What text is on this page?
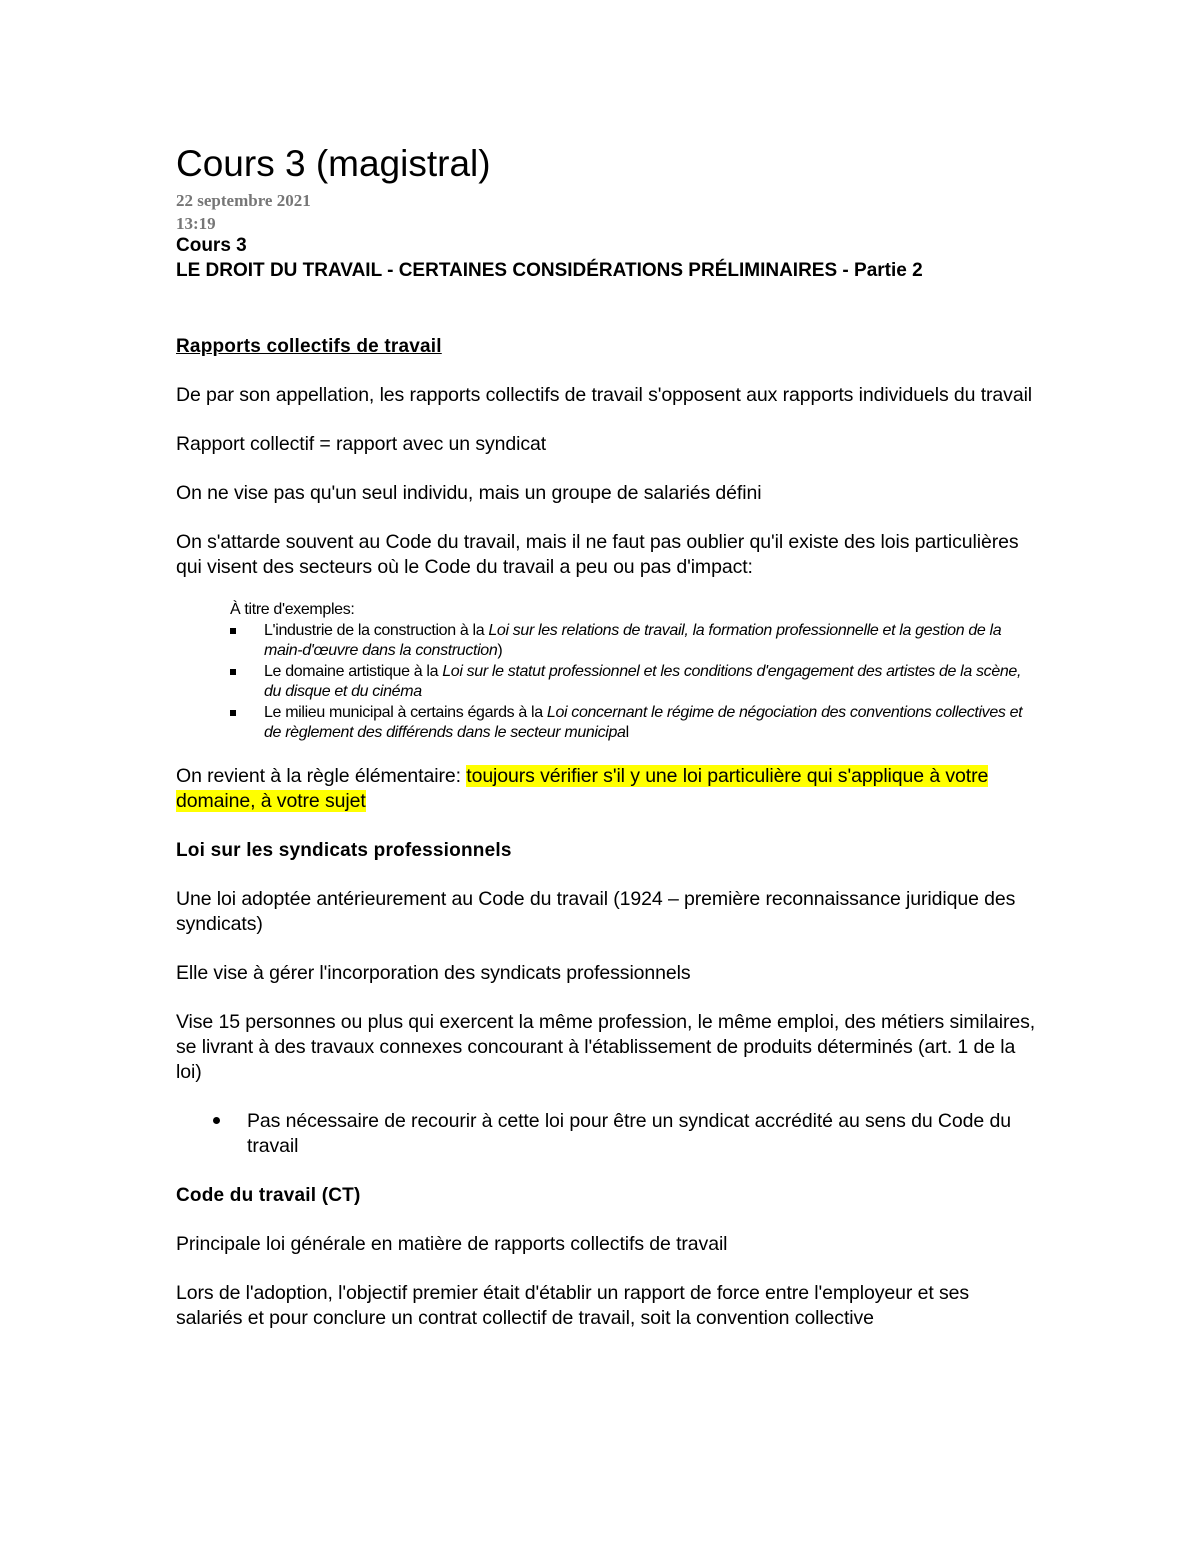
Cours 3 (magistral)
22 septembre 2021
13:19
Cours 3
LE DROIT DU TRAVAIL - CERTAINES CONSIDÉRATIONS PRÉLIMINAIRES - Partie 2
Rapports collectifs de travail

De par son appellation, les rapports collectifs de travail s'opposent aux rapports individuels du travail

Rapport collectif = rapport avec un syndicat

On ne vise pas qu'un seul individu, mais un groupe de salariés défini

On s'attarde souvent au Code du travail, mais il ne faut pas oublier qu'il existe des lois particulières qui visent des secteurs où le Code du travail a peu ou pas d'impact:

À titre d'exemples:
L'industrie de la construction à la Loi sur les relations de travail, la formation professionnelle et la gestion de la main-d'œuvre dans la construction)
Le domaine artistique à la Loi sur le statut professionnel et les conditions d'engagement des artistes de la scène, du disque et du cinéma
Le milieu municipal à certains égards à la Loi concernant le régime de négociation des conventions collectives et de règlement des différends dans le secteur municipal

On revient à la règle élémentaire: toujours vérifier s'il y une loi particulière qui s'applique à votre domaine, à votre sujet

Loi sur les syndicats professionnels

Une loi adoptée antérieurement au Code du travail (1924 – première reconnaissance juridique des syndicats)

Elle vise à gérer l'incorporation des syndicats professionnels

Vise 15 personnes ou plus qui exercent la même profession, le même emploi, des métiers similaires, se livrant à des travaux connexes concourant à l'établissement de produits déterminés (art. 1 de la loi)

Pas nécessaire de recourir à cette loi pour être un syndicat accrédité au sens du Code du travail
Code du travail (CT)

Principale loi générale en matière de rapports collectifs de travail

Lors de l'adoption, l'objectif premier était d'établir un rapport de force entre l'employeur et ses salariés et pour conclure un contrat collectif de travail, soit la convention collective
